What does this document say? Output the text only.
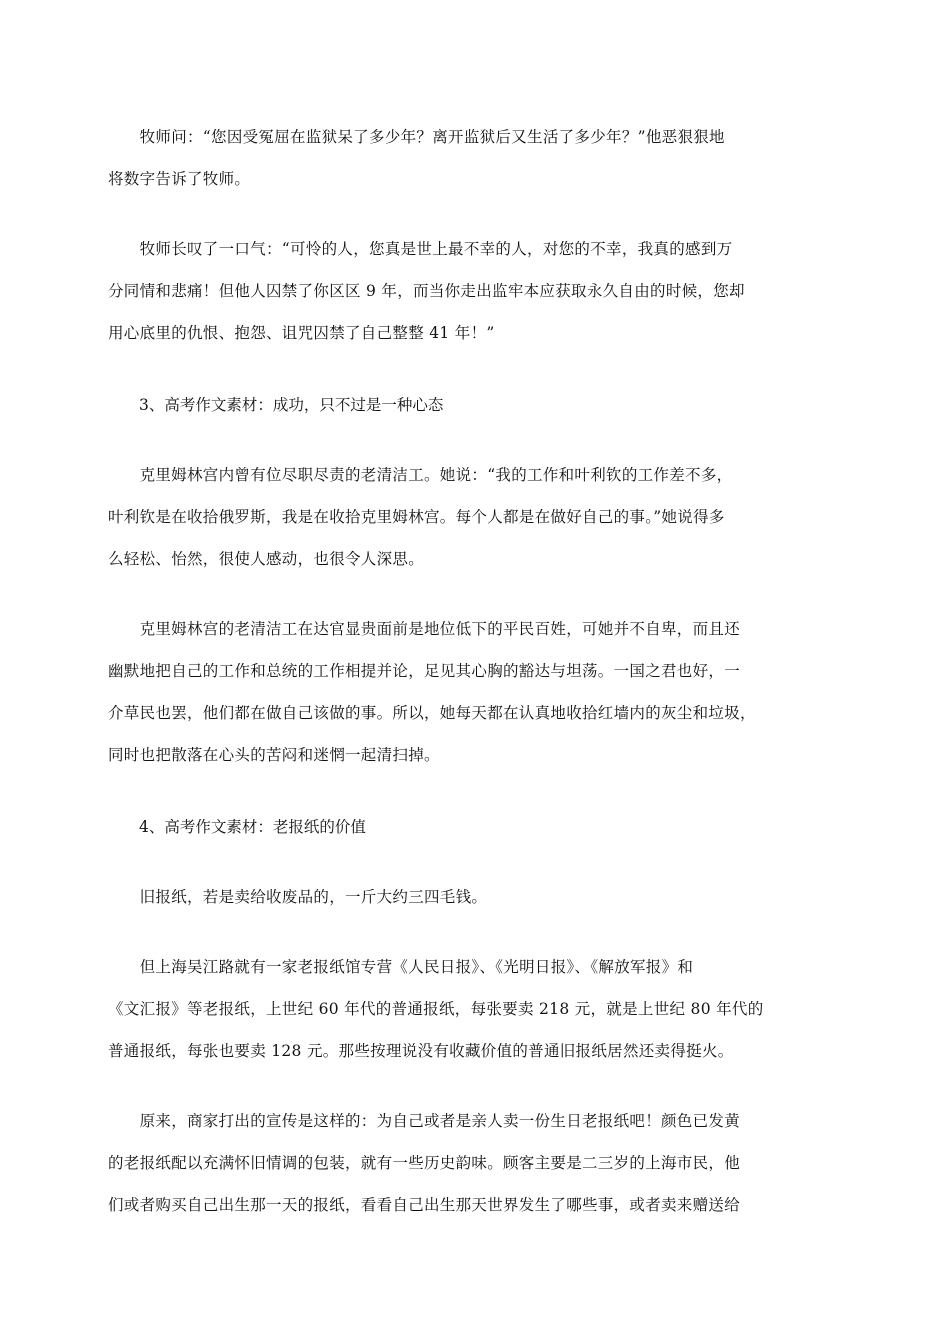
　　牧师问：“您因受冤屈在监狱呆了多少年？离开监狱后又生活了多少年？”他恶狠狠地
将数字告诉了牧师。

　　牧师长叹了一口气：“可怜的人，您真是世上最不幸的人，对您的不幸，我真的感到万
分同情和悲痛！但他人囚禁了你区区 9 年，而当你走出监牢本应获取永久自由的时候，您却
用心底里的仇恨、抱怨、诅咒囚禁了自己整整 41 年！”

　　3、高考作文素材：成功，只不过是一种心态

　　克里姆林宫内曾有位尽职尽责的老清洁工。她说：“我的工作和叶利钦的工作差不多，
叶利钦是在收拾俄罗斯，我是在收拾克里姆林宫。每个人都是在做好自己的事。”她说得多
么轻松、怡然，很使人感动，也很令人深思。

　　克里姆林宫的老清洁工在达官显贵面前是地位低下的平民百姓，可她并不自卑，而且还
幽默地把自己的工作和总统的工作相提并论，足见其心胸的豁达与坦荡。一国之君也好，一
介草民也罢，他们都在做自己该做的事。所以，她每天都在认真地收拾红墙内的灰尘和垃圾，
同时也把散落在心头的苦闷和迷惘一起清扫掉。

　　4、高考作文素材：老报纸的价值

　　旧报纸，若是卖给收废品的，一斤大约三四毛钱。

　　但上海吴江路就有一家老报纸馆专营《人民日报》、《光明日报》、《解放军报》和
《文汇报》等老报纸，上世纪 60 年代的普通报纸，每张要卖 218 元，就是上世纪 80 年代的
普通报纸，每张也要卖 128 元。那些按理说没有收藏价值的普通旧报纸居然还卖得挺火。

　　原来，商家打出的宣传是这样的：为自己或者是亲人卖一份生日老报纸吧！颜色已发黄
的老报纸配以充满怀旧情调的包装，就有一些历史韵味。顾客主要是二三岁的上海市民，他
们或者购买自己出生那一天的报纸，看看自己出生那天世界发生了哪些事，或者卖来赠送给
